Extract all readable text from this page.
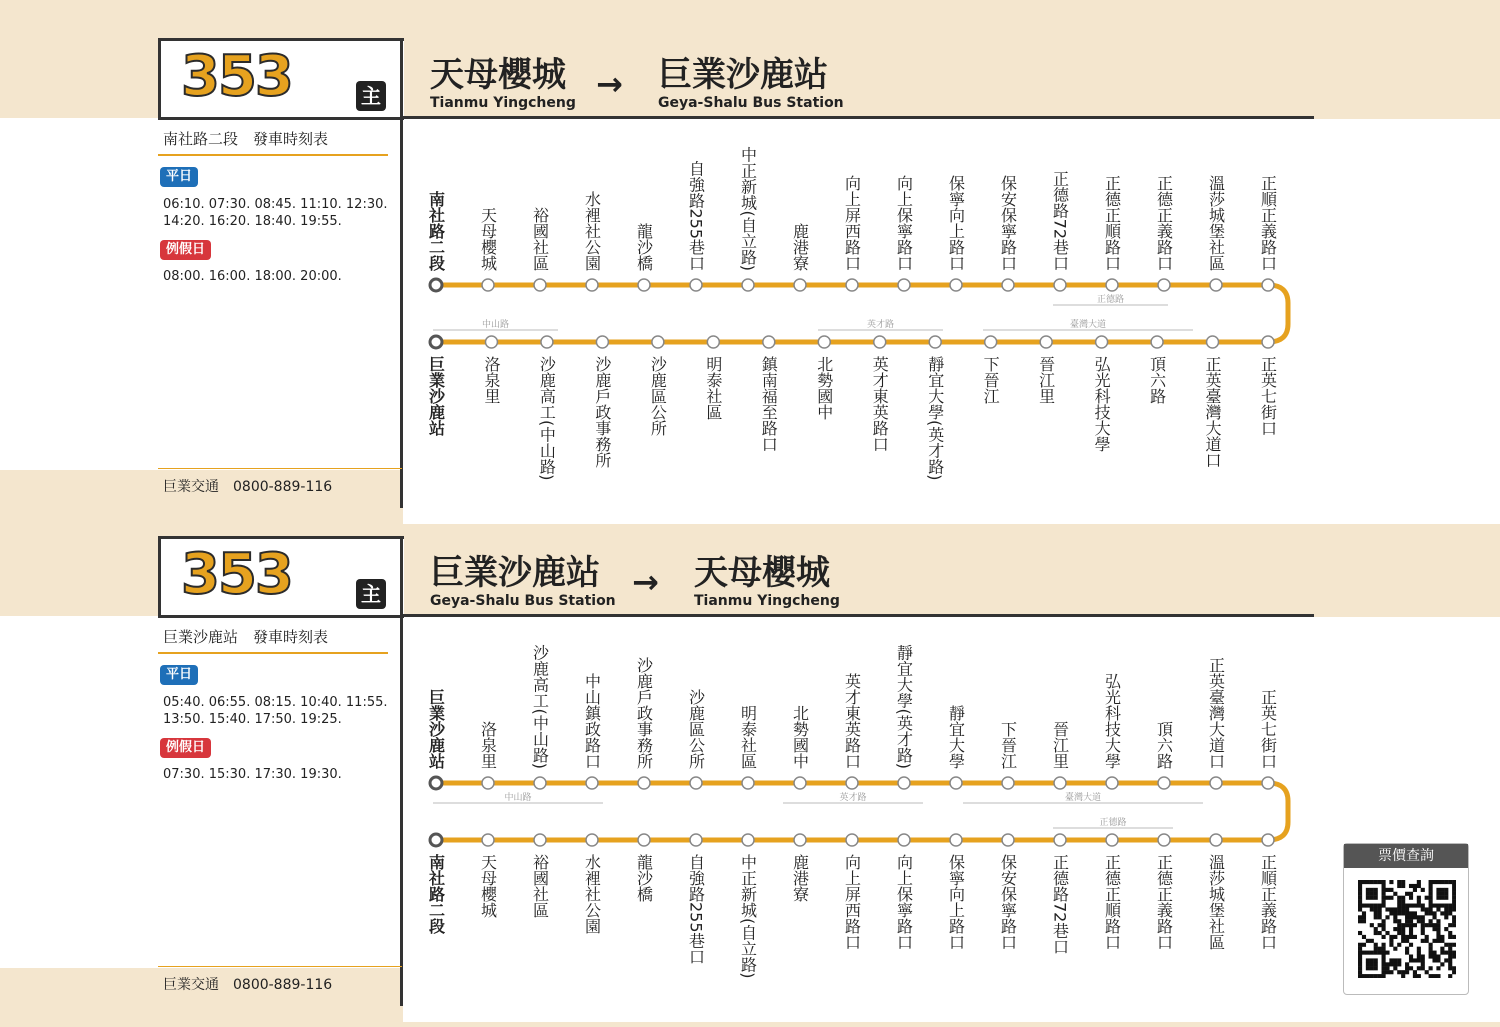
正德路
中山路	英才路	臺灣大道
南社路二段 天母櫻城 裕國社區 水裡社公園 龍沙橋 自強路255巷口 中正新城(自立路) 鹿港寮 向上屏西路口 向上保寧路口 保寧向上路口 保安保寧路口 正德路72巷口 正德正順路口 正德正義路口 溫莎城堡社區 正順正義路口
巨業沙鹿站 洛泉里 沙鹿高工(中山路) 沙鹿戶政事務所 沙鹿區公所 明泰社區 鎮南福至路口 北勢國中 英才東英路口 靜宜大學(英才路) 下晉江 晉江里 弘光科技大學 頂六路 正英臺灣大道口 正英七街口
353	主
天母櫻城
Tianmu Yingcheng → 巨業沙鹿站
Geya-Shalu Bus Station
南社路二段　發車時刻表
平日
06:10. 07:30. 08:45. 11:10. 12:30. 14:20. 16:20. 18:40. 19:55.
例假日
08:00. 16:00. 18:00. 20:00.
巨業交通　0800-889-116
中山路	英才路	臺灣大道
正德路
巨業沙鹿站 洛泉里 沙鹿高工(中山路) 中山鎮政路口 沙鹿戶政事務所 沙鹿區公所 明泰社區 北勢國中 英才東英路口 靜宜大學(英才路) 靜宜大學 下晉江 晉江里 弘光科技大學 頂六路 正英臺灣大道口 正英七街口
南社路二段 天母櫻城 裕國社區 水裡社公園 龍沙橋 自強路255巷口 中正新城(自立路) 鹿港寮 向上屏西路口 向上保寧路口 保寧向上路口 保安保寧路口 正德路72巷口 正德正順路口 正德正義路口 溫莎城堡社區 正順正義路口
353	主
巨業沙鹿站
Geya-Shalu Bus Station → 天母櫻城
Tianmu Yingcheng
巨業沙鹿站　發車時刻表
平日
05:40. 06:55. 08:15. 10:40. 11:55. 13:50. 15:40. 17:50. 19:25.
例假日
07:30. 15:30. 17:30. 19:30.
巨業交通　0800-889-116
票價查詢
